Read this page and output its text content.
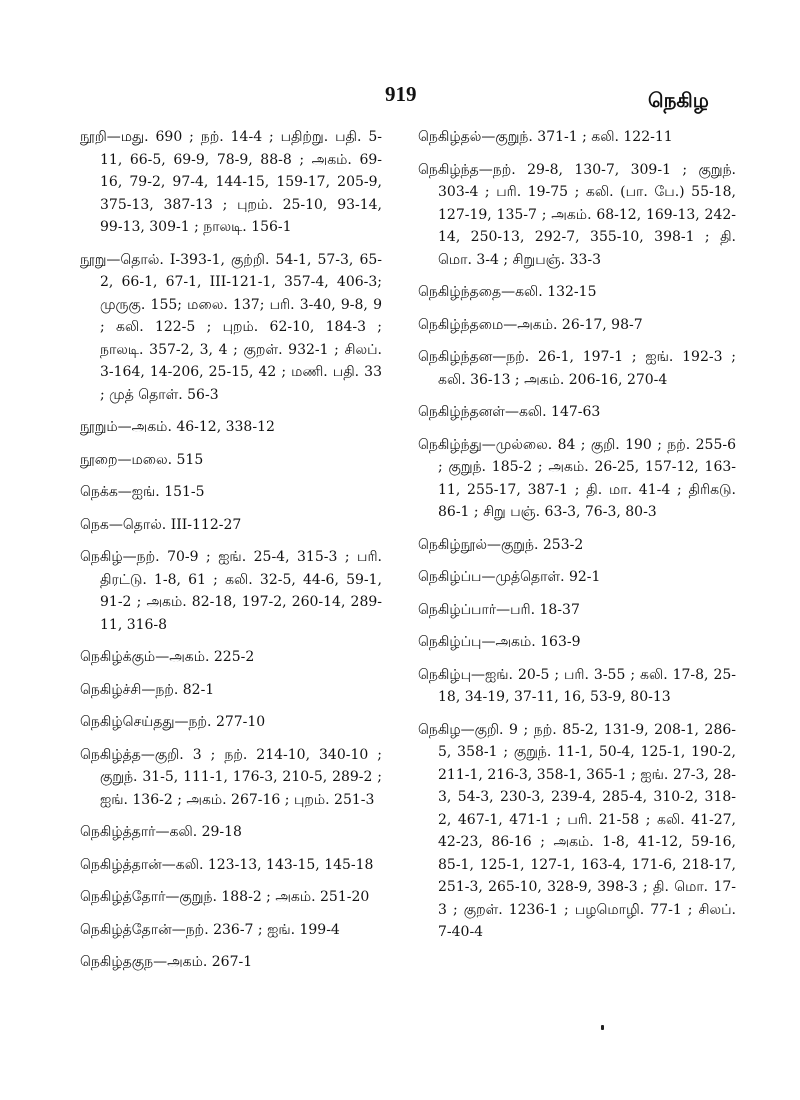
919	நெகிழ

நூறி—மது. 690 ; நற். 14-4 ; பதிற்று. பதி. 5-11, 66-5, 69-9, 78-9, 88-8 ; அகம். 69-16, 79-2, 97-4, 144-15, 159-17, 205-9, 375-13, 387-13 ; புறம். 25-10, 93-14, 99-13, 309-1 ; நாலடி. 156-1

நூறு—தொல். I-393-1, குற்றி. 54-1, 57-3, 65-2, 66-1, 67-1, III-121-1, 357-4, 406-3; முருகு. 155; மலை. 137; பரி. 3-40, 9-8, 9 ; கலி. 122-5 ; புறம். 62-10, 184-3 ; நாலடி. 357-2, 3, 4 ; குறள். 932-1 ; சிலப். 3-164, 14-206, 25-15, 42 ; மணி. பதி. 33 ; முத் தொள். 56-3

நூறும்—அகம். 46-12, 338-12

நூறை—மலை. 515

நெக்க—ஐங். 151-5

நெக—தொல். III-112-27

நெகிழ்—நற். 70-9 ; ஐங். 25-4, 315-3 ; பரி. திரட்டு. 1-8, 61 ; கலி. 32-5, 44-6, 59-1, 91-2 ; அகம். 82-18, 197-2, 260-14, 289-11, 316-8

நெகிழ்க்கும்—அகம். 225-2

நெகிழ்ச்சி—நற். 82-1

நெகிழ்செய்தது—நற். 277-10

நெகிழ்த்த—குறி. 3 ; நற். 214-10, 340-10 ; குறுந். 31-5, 111-1, 176-3, 210-5, 289-2 ; ஐங். 136-2 ; அகம். 267-16 ; புறம். 251-3

நெகிழ்த்தார்—கலி. 29-18

நெகிழ்த்தான்—கலி. 123-13, 143-15, 145-18

நெகிழ்த்தோர்—குறுந். 188-2 ; அகம். 251-20

நெகிழ்த்தோன்—நற். 236-7 ; ஐங். 199-4

நெகிழ்தகுந—அகம். 267-1

நெகிழ்தல்—குறுந். 371-1 ; கலி. 122-11

நெகிழ்ந்த—நற். 29-8, 130-7, 309-1 ; குறுந். 303-4 ; பரி. 19-75 ; கலி. (பா. பே.) 55-18, 127-19, 135-7 ; அகம். 68-12, 169-13, 242-14, 250-13, 292-7, 355-10, 398-1 ; தி. மொ. 3-4 ; சிறுபஞ். 33-3

நெகிழ்ந்ததை—கலி. 132-15

நெகிழ்ந்தமை—அகம். 26-17, 98-7

நெகிழ்ந்தன—நற். 26-1, 197-1 ; ஐங். 192-3 ; கலி. 36-13 ; அகம். 206-16, 270-4

நெகிழ்ந்தனள்—கலி. 147-63

நெகிழ்ந்து—முல்லை. 84 ; குறி. 190 ; நற். 255-6 ; குறுந். 185-2 ; அகம். 26-25, 157-12, 163-11, 255-17, 387-1 ; தி. மா. 41-4 ; திரிகடு. 86-1 ; சிறு பஞ். 63-3, 76-3, 80-3

நெகிழ்நூல்—குறுந். 253-2

நெகிழ்ப்ப—முத்தொள். 92-1

நெகிழ்ப்பார்—பரி. 18-37

நெகிழ்ப்பு—அகம். 163-9

நெகிழ்பு—ஐங். 20-5 ; பரி. 3-55 ; கலி. 17-8, 25-18, 34-19, 37-11, 16, 53-9, 80-13

நெகிழ—குறி. 9 ; நற். 85-2, 131-9, 208-1, 286-5, 358-1 ; குறுந். 11-1, 50-4, 125-1, 190-2, 211-1, 216-3, 358-1, 365-1 ; ஐங். 27-3, 28-3, 54-3, 230-3, 239-4, 285-4, 310-2, 318-2, 467-1, 471-1 ; பரி. 21-58 ; கலி. 41-27, 42-23, 86-16 ; அகம். 1-8, 41-12, 59-16, 85-1, 125-1, 127-1, 163-4, 171-6, 218-17, 251-3, 265-10, 328-9, 398-3 ; தி. மொ. 17-3 ; குறள். 1236-1 ; பழமொழி. 77-1 ; சிலப். 7-40-4
